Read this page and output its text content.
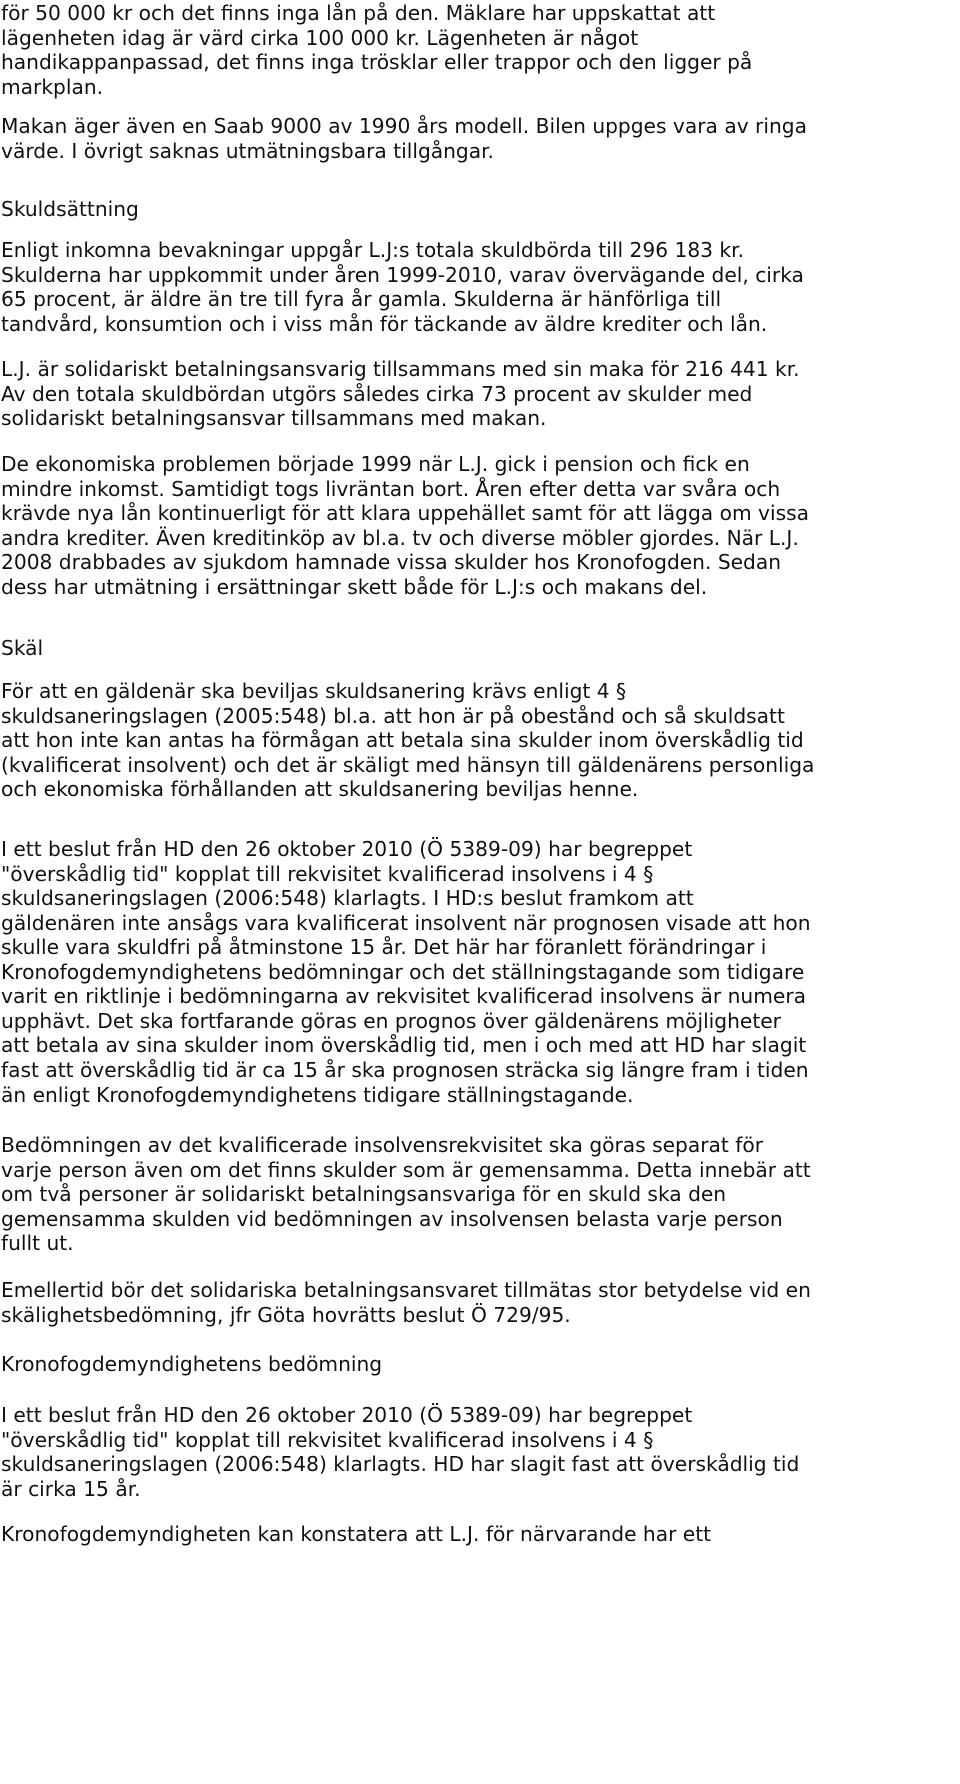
för 50 000 kr och det finns inga lån på den. Mäklare har uppskattat att
lägenheten idag är värd cirka 100 000 kr. Lägenheten är något
handikappanpassad, det finns inga trösklar eller trappor och den ligger på
markplan.
Makan äger även en Saab 9000 av 1990 års modell. Bilen uppges vara av ringa
värde. I övrigt saknas utmätningsbara tillgångar.
Skuldsättning
Enligt inkomna bevakningar uppgår L.J:s totala skuldbörda till 296 183 kr.
Skulderna har uppkommit under åren 1999-2010, varav övervägande del, cirka
65 procent, är äldre än tre till fyra år gamla. Skulderna är hänförliga till
tandvård, konsumtion och i viss mån för täckande av äldre krediter och lån.
L.J. är solidariskt betalningsansvarig tillsammans med sin maka för 216 441 kr.
Av den totala skuldbördan utgörs således cirka 73 procent av skulder med
solidariskt betalningsansvar tillsammans med makan.
De ekonomiska problemen började 1999 när L.J. gick i pension och fick en
mindre inkomst. Samtidigt togs livräntan bort. Åren efter detta var svåra och
krävde nya lån kontinuerligt för att klara uppehället samt för att lägga om vissa
andra krediter. Även kreditinköp av bl.a. tv och diverse möbler gjordes. När L.J.
2008 drabbades av sjukdom hamnade vissa skulder hos Kronofogden. Sedan
dess har utmätning i ersättningar skett både för L.J:s och makans del.
Skäl
För att en gäldenär ska beviljas skuldsanering krävs enligt 4 §
skuldsaneringslagen (2005:548) bl.a. att hon är på obestånd och så skuldsatt
att hon inte kan antas ha förmågan att betala sina skulder inom överskådlig tid
(kvalificerat insolvent) och det är skäligt med hänsyn till gäldenärens personliga
och ekonomiska förhållanden att skuldsanering beviljas henne.
I ett beslut från HD den 26 oktober 2010 (Ö 5389-09) har begreppet
"överskådlig tid" kopplat till rekvisitet kvalificerad insolvens i 4 §
skuldsaneringslagen (2006:548) klarlagts. I HD:s beslut framkom att
gäldenären inte ansågs vara kvalificerat insolvent när prognosen visade att hon
skulle vara skuldfri på åtminstone 15 år. Det här har föranlett förändringar i
Kronofogdemyndighetens bedömningar och det ställningstagande som tidigare
varit en riktlinje i bedömningarna av rekvisitet kvalificerad insolvens är numera
upphävt. Det ska fortfarande göras en prognos över gäldenärens möjligheter
att betala av sina skulder inom överskådlig tid, men i och med att HD har slagit
fast att överskådlig tid är ca 15 år ska prognosen sträcka sig längre fram i tiden
än enligt Kronofogdemyndighetens tidigare ställningstagande.
Bedömningen av det kvalificerade insolvensrekvisitet ska göras separat för
varje person även om det finns skulder som är gemensamma. Detta innebär att
om två personer är solidariskt betalningsansvariga för en skuld ska den
gemensamma skulden vid bedömningen av insolvensen belasta varje person
fullt ut.
Emellertid bör det solidariska betalningsansvaret tillmätas stor betydelse vid en
skälighetsbedömning, jfr Göta hovrätts beslut Ö 729/95.
Kronofogdemyndighetens bedömning
I ett beslut från HD den 26 oktober 2010 (Ö 5389-09) har begreppet
"överskådlig tid" kopplat till rekvisitet kvalificerad insolvens i 4 §
skuldsaneringslagen (2006:548) klarlagts. HD har slagit fast att överskådlig tid
är cirka 15 år.
Kronofogdemyndigheten kan konstatera att L.J. för närvarande har ett
